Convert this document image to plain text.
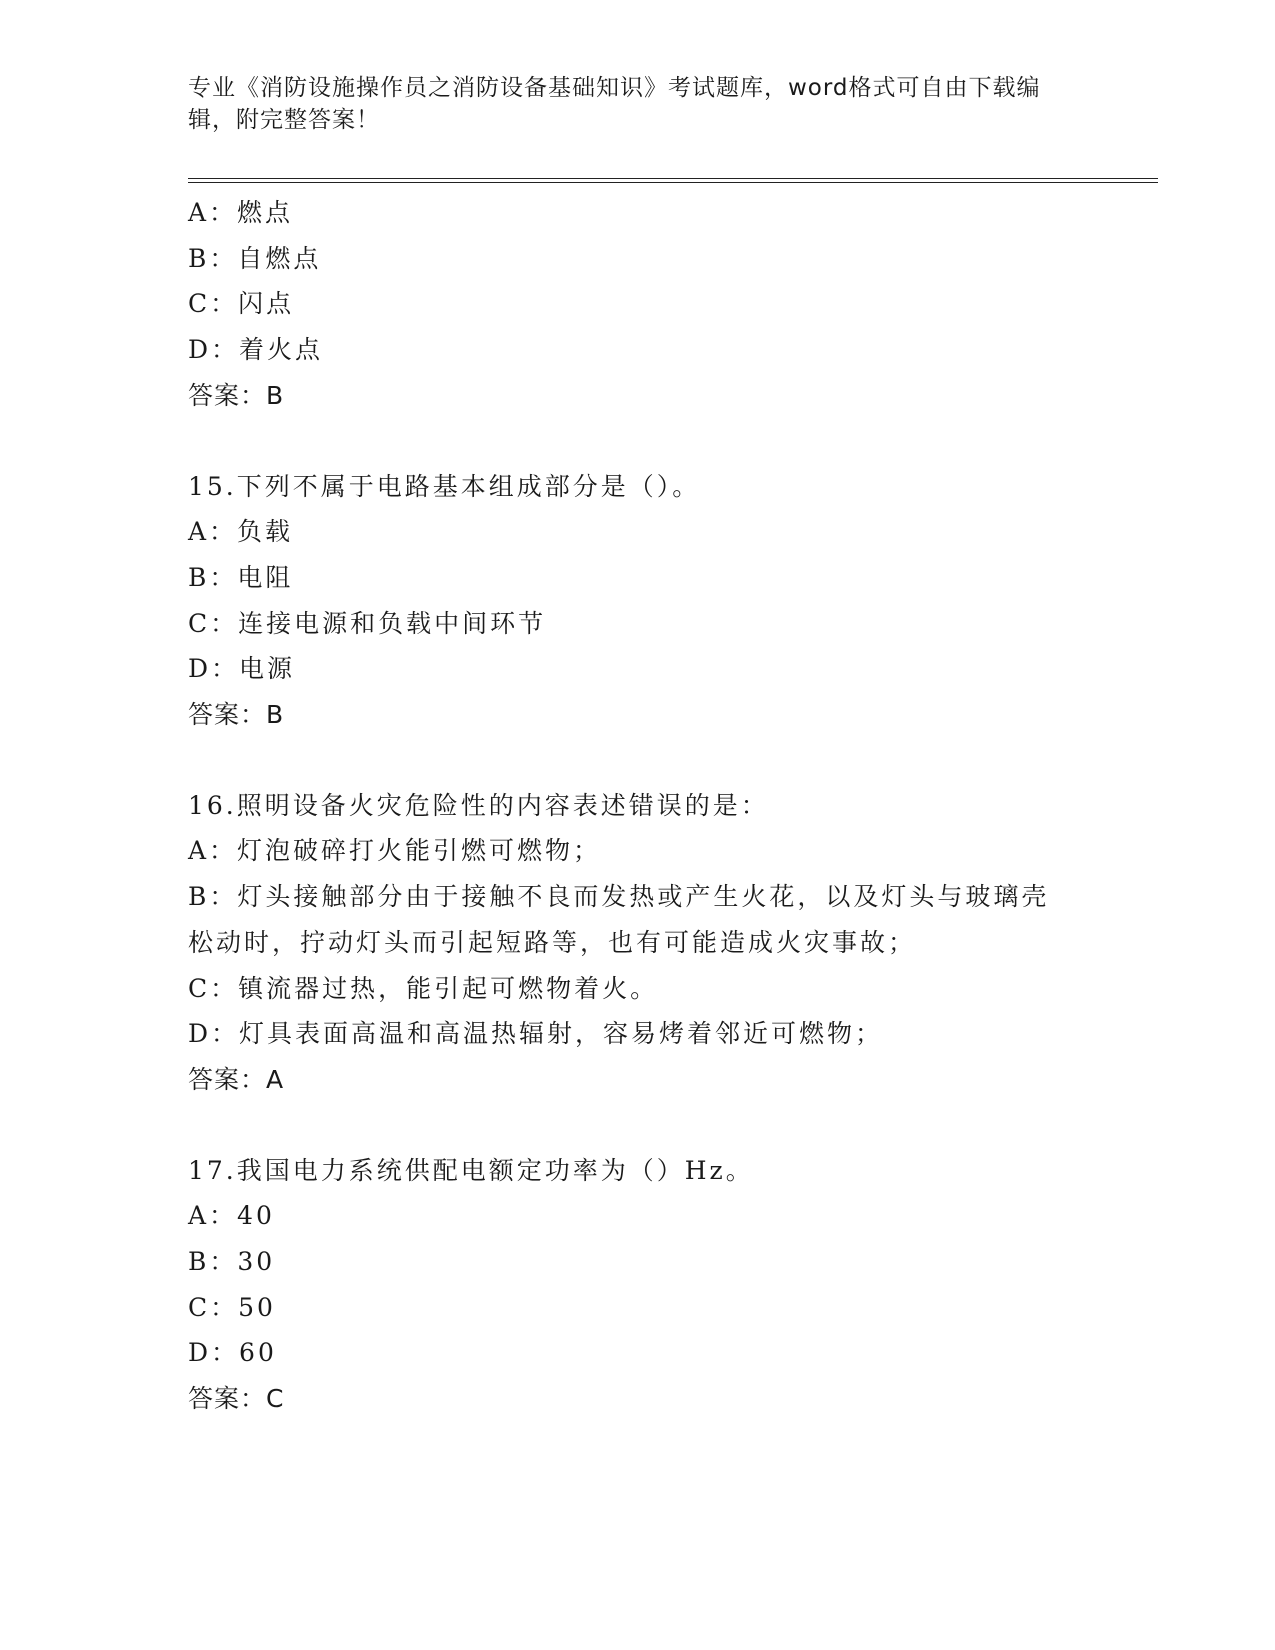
专业《消防设施操作员之消防设备基础知识》考试题库，word格式可自由下载编辑，附完整答案！
A：燃点
B：自燃点
C：闪点
D：着火点
答案：B
15.下列不属于电路基本组成部分是（）。
A：负载
B：电阻
C：连接电源和负载中间环节
D：电源
答案：B
16.照明设备火灾危险性的内容表述错误的是：
A：灯泡破碎打火能引燃可燃物；
B：灯头接触部分由于接触不良而发热或产生火花，以及灯头与玻璃壳松动时，拧动灯头而引起短路等，也有可能造成火灾事故；
C：镇流器过热，能引起可燃物着火。
D：灯具表面高温和高温热辐射，容易烤着邻近可燃物；
答案：A
17.我国电力系统供配电额定功率为（）Hz。
A：40
B：30
C：50
D：60
答案：C
